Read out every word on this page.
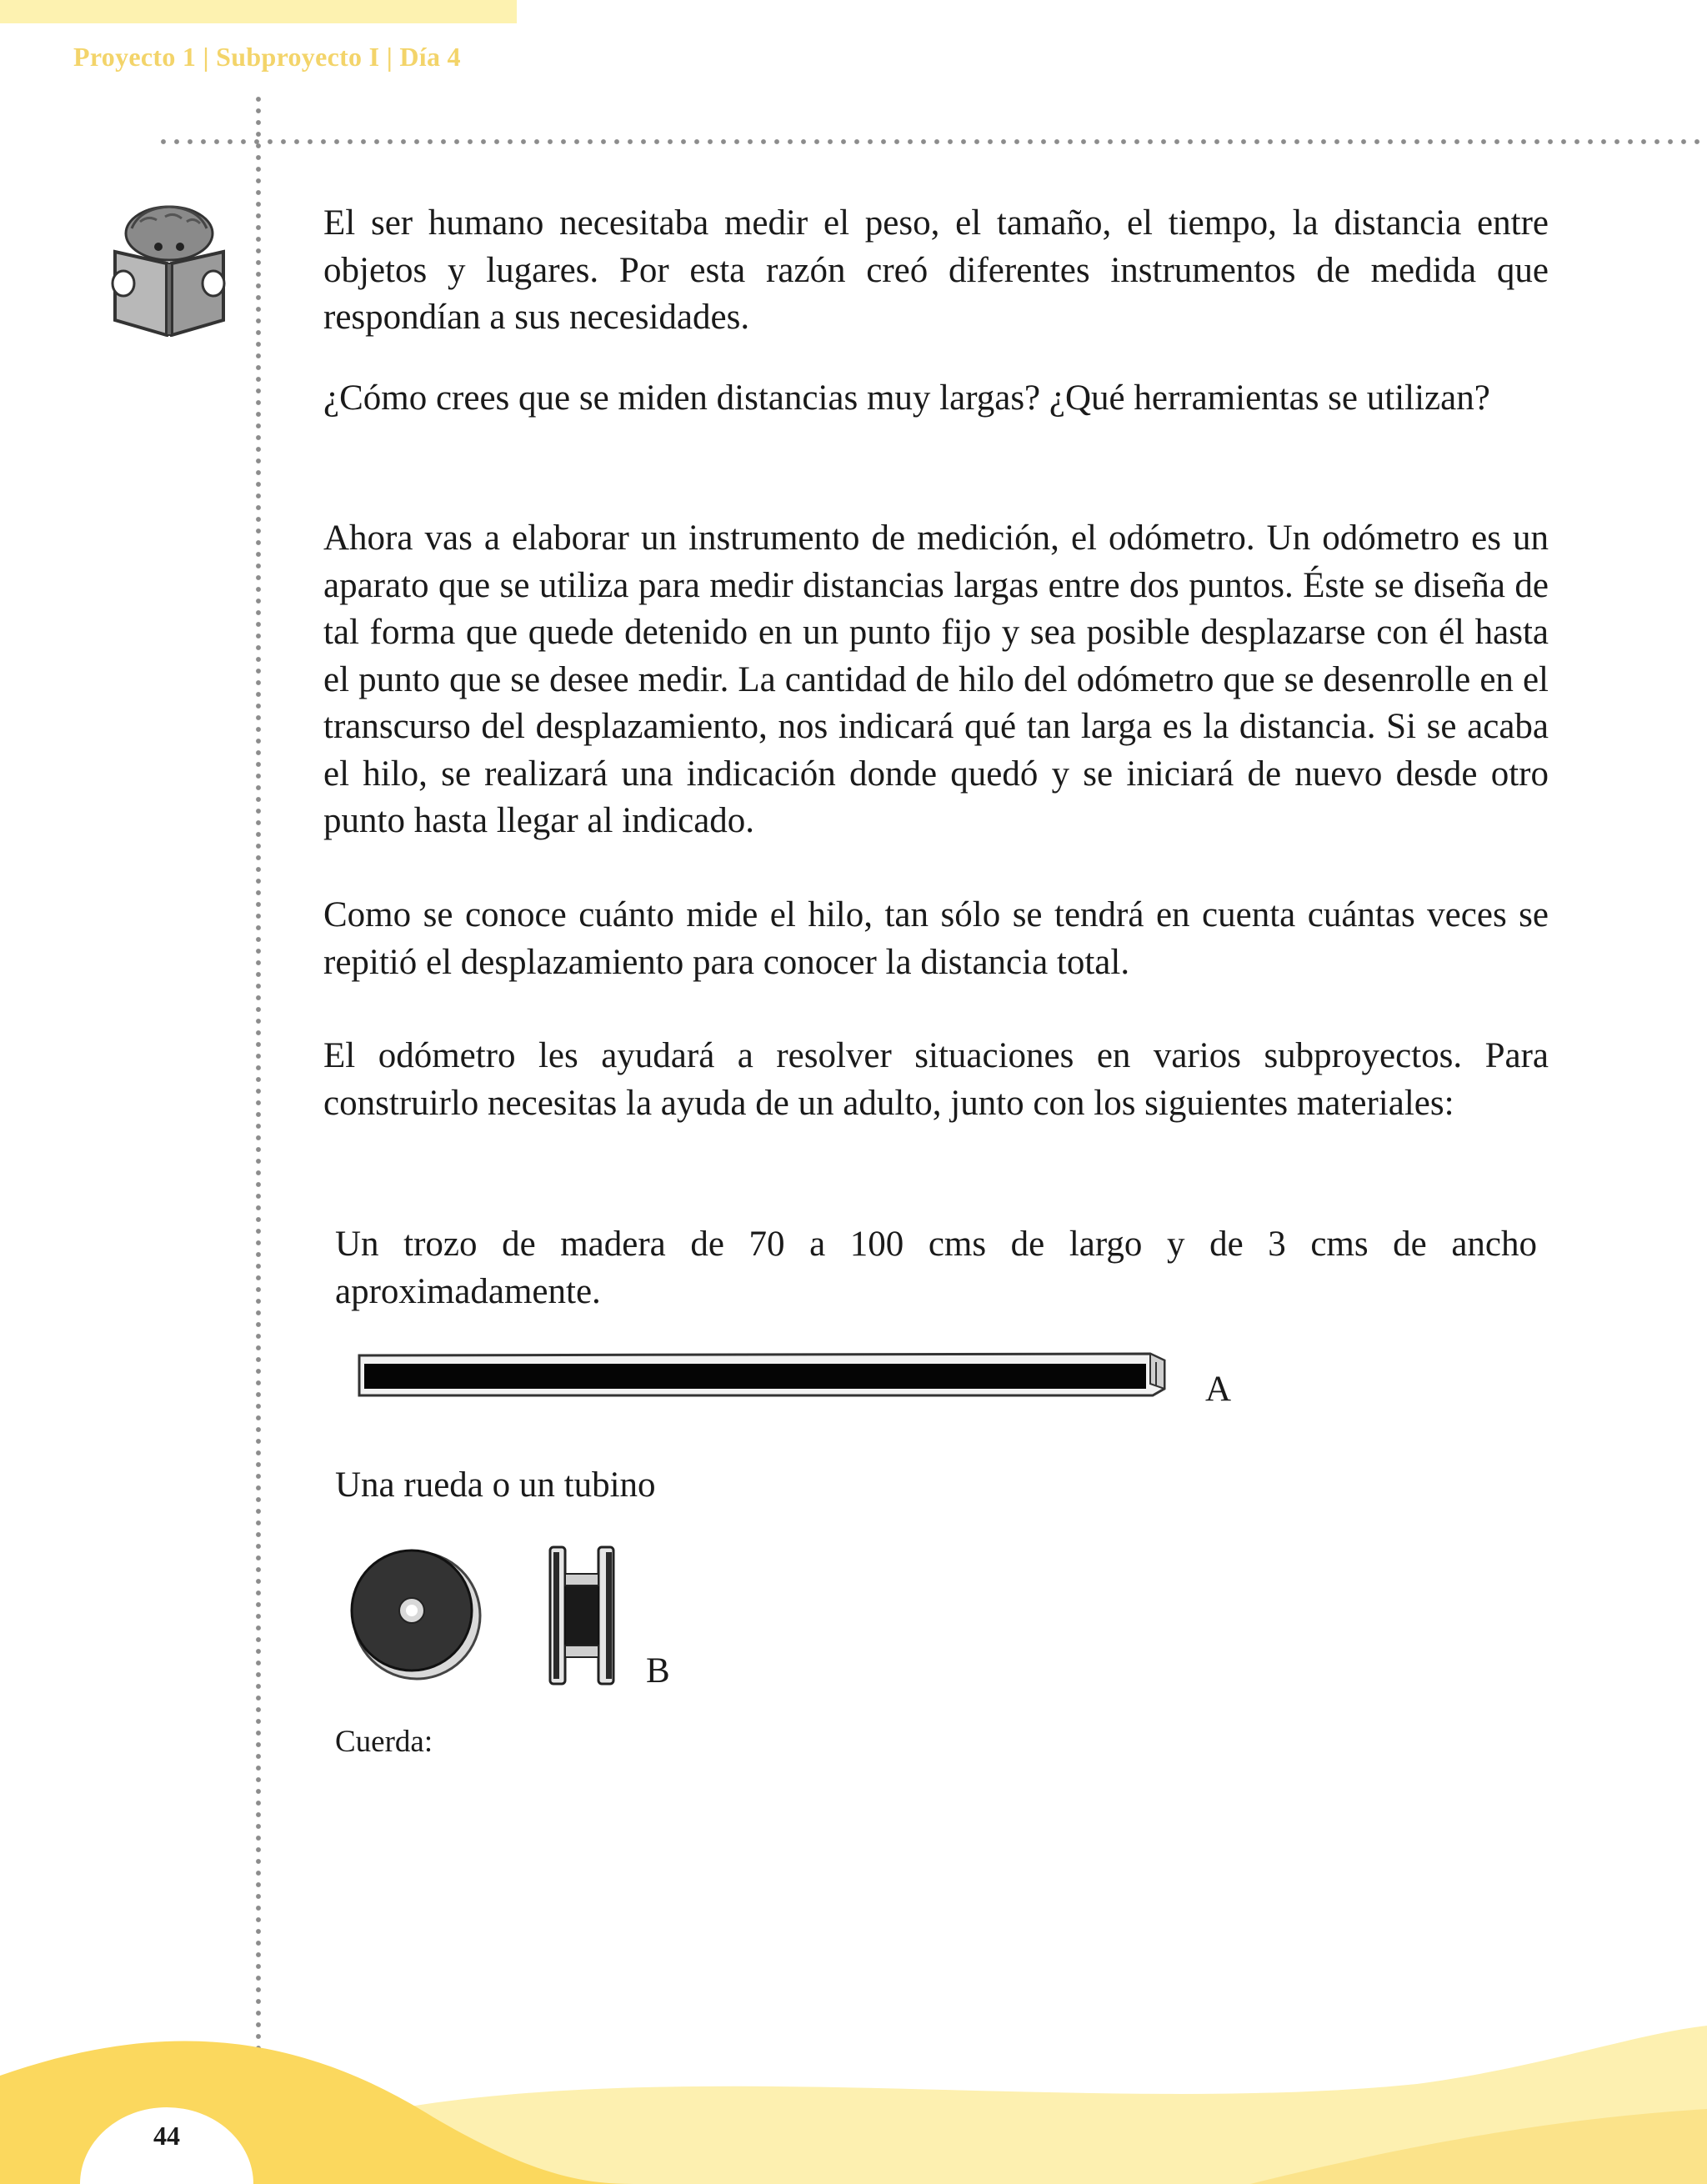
Proyecto 1 | Subproyecto I | Día 4

El ser humano necesitaba medir el peso, el tamaño, el tiempo, la distancia entre objetos y lugares. Por esta razón creó diferentes instrumentos de medida que respondían a sus necesidades.

¿Cómo crees que se miden distancias muy largas? ¿Qué herramientas se utilizan?

Ahora vas a elaborar un instrumento de medición, el odómetro. Un odómetro es un aparato que se utiliza para medir distancias largas entre dos puntos. Éste se diseña de tal forma que quede detenido en un punto fijo y sea posible desplazarse con él hasta el punto que se desee medir. La cantidad de hilo del odómetro que se desenrolle en el transcurso del desplazamiento, nos indicará qué tan larga es la distancia. Si se acaba el hilo, se realizará una indicación donde quedó y se iniciará de nuevo desde otro punto hasta llegar al indicado.

Como se conoce cuánto mide el hilo, tan sólo se tendrá en cuenta cuántas veces se repitió el desplazamiento para conocer la distancia total.

El odómetro les ayudará a resolver situaciones en varios subproyectos. Para construirlo necesitas la ayuda de un adulto, junto con los siguientes materiales:

Un trozo de madera de 70 a 100 cms de largo y de 3 cms de ancho aproximadamente.

A
Una rueda o un tubino
B
Cuerda:
44
